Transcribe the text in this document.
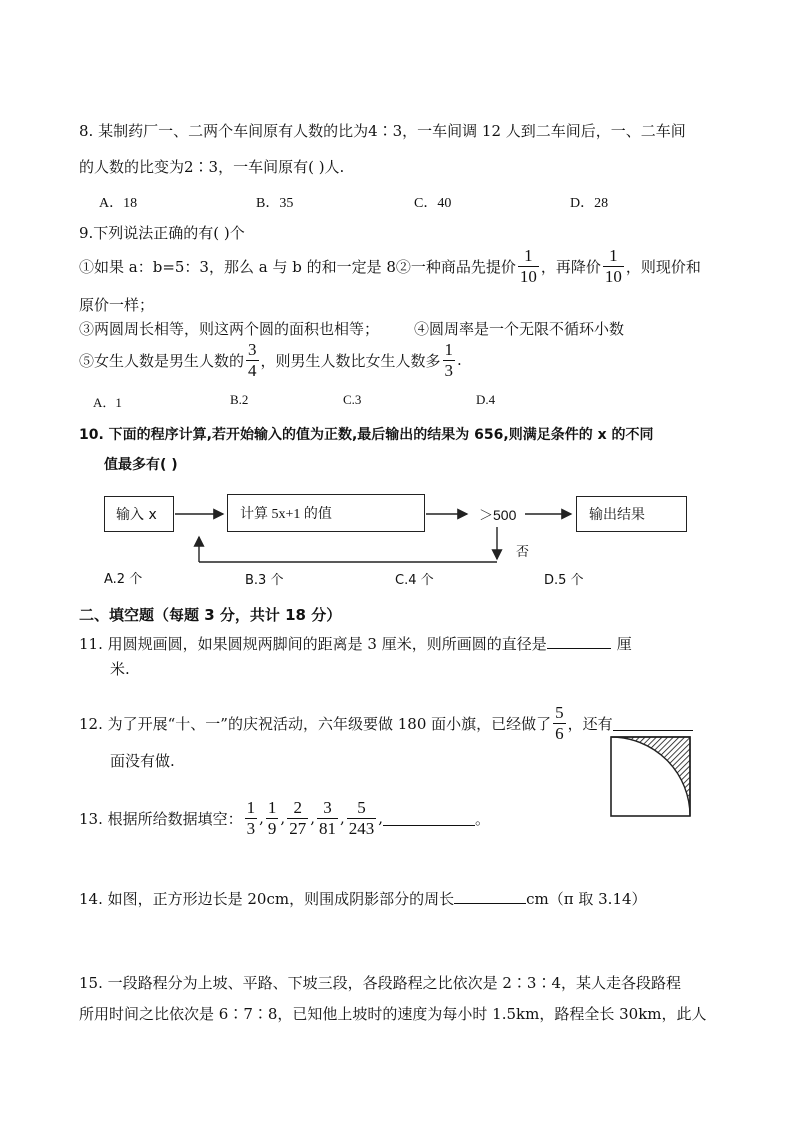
8. 某制药厂一、二两个车间原有人数的比为4∶3，一车间调 12 人到二车间后，一、二车间
的人数的比变为2∶3，一车间原有( )人.
A．18	B．35	C．40	D．28
9.下列说法正确的有( )个
①如果 a：b=5：3，那么 a 与 b 的和一定是 8②一种商品先提价 $\frac{1}{10}$ ，再降价 $\frac{1}{10}$ ，则现价和
原价一样；
③两圆周长相等，则这两个圆的面积也相等； ④圆周率是一个无限不循环小数
⑤女生人数是男生人数的 $\frac{3}{4}$ ，则男生人数比女生人数多 $\frac{1}{3}$ .
A．1	B.2	C.3	D.4
10. 下面的程序计算,若开始输入的值为正数,最后输出的结果为 656,则满足条件的 x 的不同
值最多有( )
输入 x	计算 5x+1 的值	＞500	输出结果
否
A.2 个	B.3 个	C.4 个	D.5 个
二、填空题（每题 3 分，共计 18 分）
11. 用圆规画圆，如果圆规两脚间的距离是 3 厘米，则所画圆的直径是	厘
米.
12. 为了开展“十、一”的庆祝活动，六年级要做 180 面小旗，已经做了 $\frac{5}{6}$ ，还有
面没有做.
13. 根据所给数据填空： $\frac{1}{3}$ , $\frac{1}{9}$ , $\frac{2}{27}$ , $\frac{3}{81}$ , $\frac{5}{243}$ ,	。
14. 如图，正方形边长是 20cm，则围成阴影部分的周长	cm（π 取 3.14）
15. 一段路程分为上坡、平路、下坡三段，各段路程之比依次是 2∶3∶4，某人走各段路程
所用时间之比依次是 6∶7∶8，已知他上坡时的速度为每小时 1.5km，路程全长 30km，此人
